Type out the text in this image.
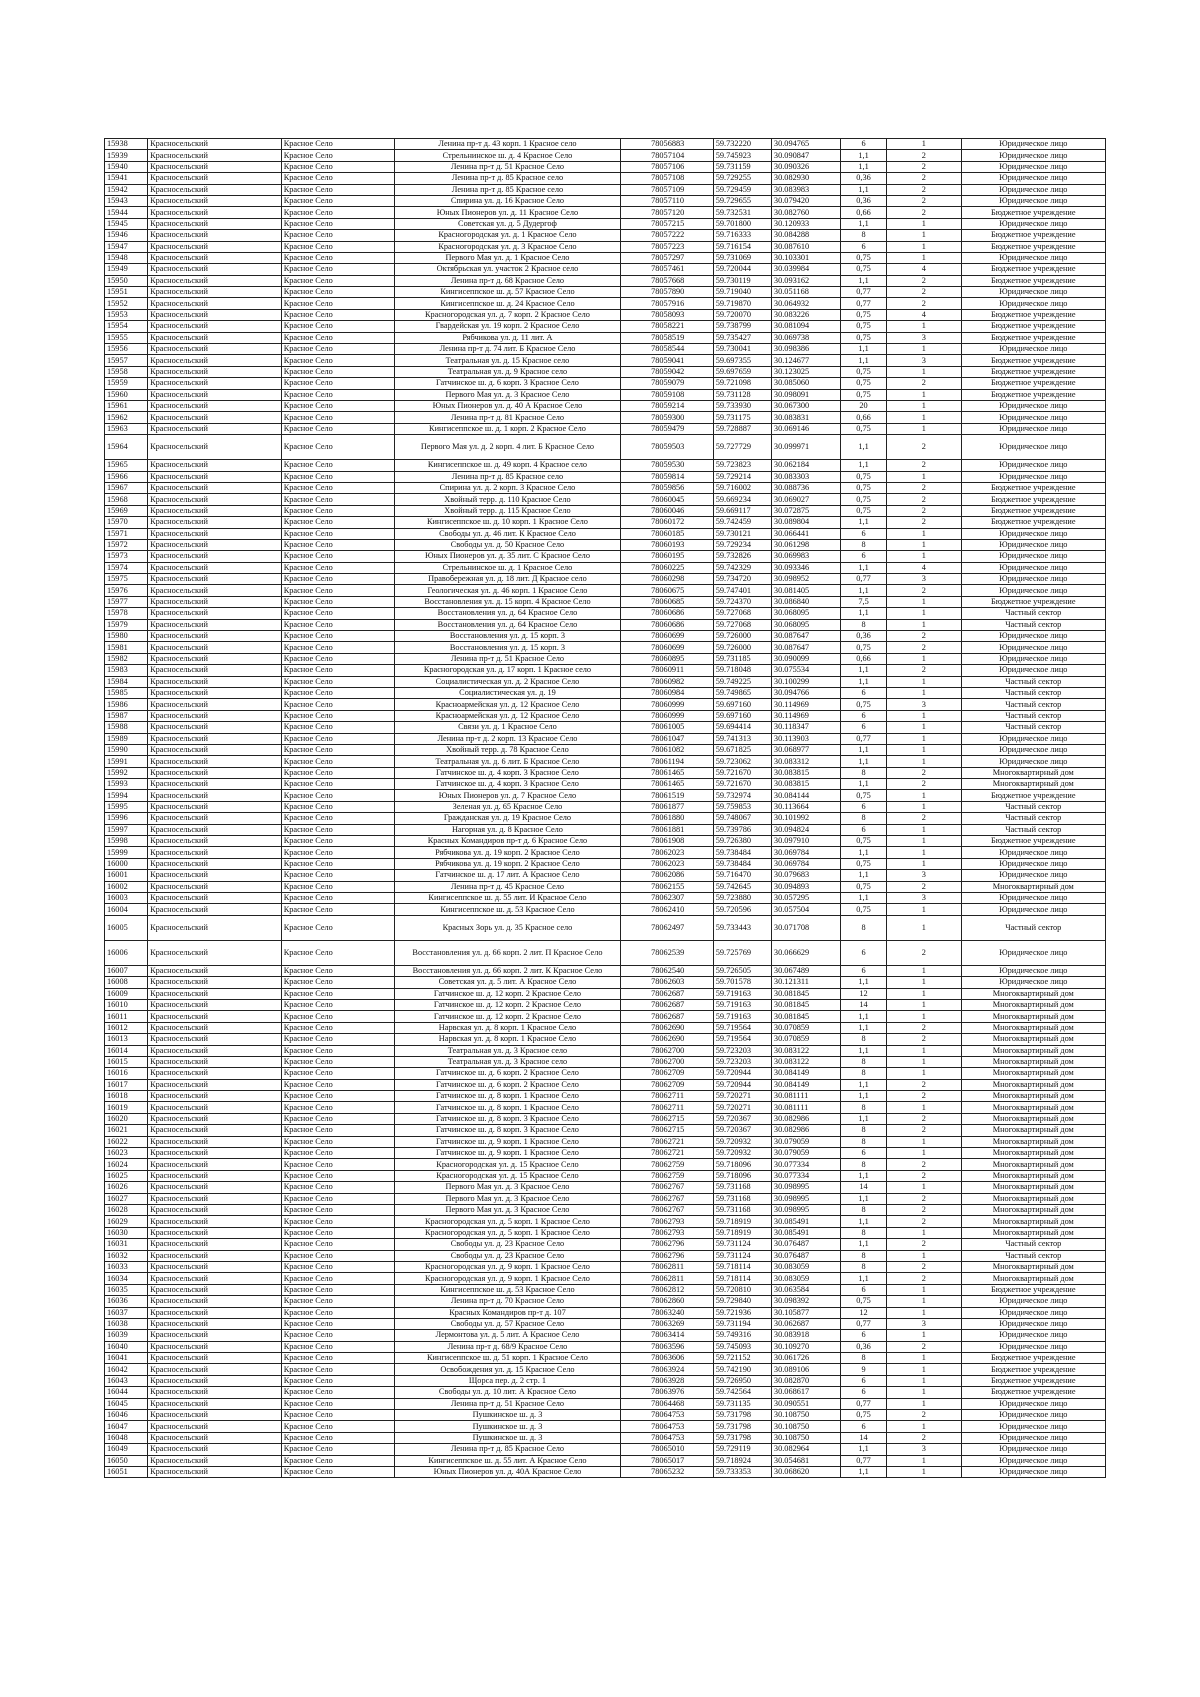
15938	Красносельский	Красное Село	Ленина пр-т д. 43 корп. 1 Красное село	78056883	59.732220	30.094765	6	1	Юридическое лицо
15939	Красносельский	Красное Село	Стрельнинское ш. д. 4 Красное Село	78057104	59.745923	30.090847	1,1	2	Юридическое лицо
15940	Красносельский	Красное Село	Ленина пр-т д. 51 Красное Село	78057106	59.731159	30.090326	1,1	2	Юридическое лицо
15941	Красносельский	Красное Село	Ленина пр-т д. 85 Красное село	78057108	59.729255	30.082930	0,36	2	Юридическое лицо
15942	Красносельский	Красное Село	Ленина пр-т д. 85 Красное село	78057109	59.729459	30.083983	1,1	2	Юридическое лицо
15943	Красносельский	Красное Село	Спирина ул. д. 16 Красное Село	78057110	59.729655	30.079420	0,36	2	Юридическое лицо
15944	Красносельский	Красное Село	Юных Пионеров ул. д. 11 Красное Село	78057120	59.732531	30.082760	0,66	2	Бюджетное учреждение
15945	Красносельский	Красное Село	Советская ул. д. 5 Дудергоф	78057215	59.701800	30.120933	1,1	1	Юридическое лицо
15946	Красносельский	Красное Село	Красногородская ул. д. 1 Красное Село	78057222	59.716333	30.084288	8	1	Бюджетное учреждение
15947	Красносельский	Красное Село	Красногородская ул. д. 3 Красное Село	78057223	59.716154	30.087610	6	1	Бюджетное учреждение
15948	Красносельский	Красное Село	Первого Мая ул. д. 1 Красное Село	78057297	59.731069	30.103301	0,75	1	Юридическое лицо
15949	Красносельский	Красное Село	Октябрьская ул. участок 2 Красное село	78057461	59.720044	30.039984	0,75	4	Бюджетное учреждение
15950	Красносельский	Красное Село	Ленина пр-т д. 68 Красное Село	78057668	59.730119	30.093162	1,1	2	Бюджетное учреждение
15951	Красносельский	Красное Село	Кингисеппское ш. д. 57 Красное Село	78057890	59.719040	30.051168	0,77	2	Юридическое лицо
15952	Красносельский	Красное Село	Кингисеппское ш. д. 24 Красное Село	78057916	59.719870	30.064932	0,77	2	Юридическое лицо
15953	Красносельский	Красное Село	Красногородская ул. д. 7 корп. 2 Красное Село	78058093	59.720070	30.083226	0,75	4	Бюджетное учреждение
15954	Красносельский	Красное Село	Гвардейская ул. 19 корп. 2 Красное Село	78058221	59.738799	30.081094	0,75	1	Бюджетное учреждение
15955	Красносельский	Красное Село	Рябчикова ул. д. 11 лит. А	78058519	59.735427	30.069738	0,75	3	Бюджетное учреждение
15956	Красносельский	Красное Село	Ленина пр-т д. 74 лит. Б Красное Село	78058544	59.730041	30.098386	1,1	1	Юридическое лицо
15957	Красносельский	Красное Село	Театральная ул. д. 15 Красное село	78059041	59.697355	30.124677	1,1	3	Бюджетное учреждение
15958	Красносельский	Красное Село	Театральная ул. д. 9 Красное село	78059042	59.697659	30.123025	0,75	1	Бюджетное учреждение
15959	Красносельский	Красное Село	Гатчинское ш. д. 6 корп. 3 Красное Село	78059079	59.721098	30.085060	0,75	2	Бюджетное учреждение
15960	Красносельский	Красное Село	Первого Мая ул. д. 3 Красное Село	78059108	59.731128	30.098091	0,75	1	Бюджетное учреждение
15961	Красносельский	Красное Село	Юных Пионеров ул. д. 40 А Красное Село	78059214	59.733930	30.067300	20	1	Юридическое лицо
15962	Красносельский	Красное Село	Ленина пр-т д. 81 Красное Село	78059300	59.731175	30.083831	0,66	1	Юридическое лицо
15963	Красносельский	Красное Село	Кингисеппское ш. д. 1 корп. 2 Красное Село	78059479	59.728887	30.069146	0,75	1	Юридическое лицо
15964	Красносельский	Красное Село	Первого Мая ул. д. 2 корп. 4 лит. Б Красное Село	78059503	59.727729	30.099971	1,1	2	Юридическое лицо
15965	Красносельский	Красное Село	Кингисеппское ш. д. 49 корп. 4 Красное село	78059530	59.723823	30.062184	1,1	2	Юридическое лицо
15966	Красносельский	Красное Село	Ленина пр-т д. 85 Красное село	78059814	59.729214	30.083303	0,75	1	Юридическое лицо
15967	Красносельский	Красное Село	Спирина ул. д. 2 корп. 3 Красное Село	78059856	59.716002	30.088736	0,75	2	Бюджетное учреждение
15968	Красносельский	Красное Село	Хвойный терр. д. 110 Красное Село	78060045	59.669234	30.069027	0,75	2	Бюджетное учреждение
15969	Красносельский	Красное Село	Хвойный терр. д. 115 Красное Село	78060046	59.669117	30.072875	0,75	2	Бюджетное учреждение
15970	Красносельский	Красное Село	Кингисеппское ш. д. 10 корп. 1 Красное Село	78060172	59.742459	30.089804	1,1	2	Бюджетное учреждение
15971	Красносельский	Красное Село	Свободы ул. д. 46 лит. К Красное Село	78060185	59.730121	30.066441	6	1	Юридическое лицо
15972	Красносельский	Красное Село	Свободы ул. д. 50 Красное Село	78060193	59.729234	30.061298	8	1	Юридическое лицо
15973	Красносельский	Красное Село	Юных Пионеров ул. д. 35 лит. С Красное Село	78060195	59.732826	30.069983	6	1	Юридическое лицо
15974	Красносельский	Красное Село	Стрельнинское ш. д. 1 Красное Село	78060225	59.742329	30.093346	1,1	4	Юридическое лицо
15975	Красносельский	Красное Село	Правобережная ул. д. 18 лит. Д Красное село	78060298	59.734720	30.098952	0,77	3	Юридическое лицо
15976	Красносельский	Красное Село	Геологическая ул. д. 46 корп. 1 Красное Село	78060675	59.747401	30.081405	1,1	2	Юридическое лицо
15977	Красносельский	Красное Село	Восстановления ул. д. 15 корп. 4 Красное Село	78060685	59.724370	30.086840	7,5	1	Бюджетное учреждение
15978	Красносельский	Красное Село	Восстановления ул. д. 64 Красное Село	78060686	59.727068	30.068095	1,1	1	Частный сектор
15979	Красносельский	Красное Село	Восстановления ул. д. 64 Красное Село	78060686	59.727068	30.068095	8	1	Частный сектор
15980	Красносельский	Красное Село	Восстановления ул. д. 15 корп. 3	78060699	59.726000	30.087647	0,36	2	Юридическое лицо
15981	Красносельский	Красное Село	Восстановления ул. д. 15 корп. 3	78060699	59.726000	30.087647	0,75	2	Юридическое лицо
15982	Красносельский	Красное Село	Ленина пр-т д. 51 Красное Село	78060895	59.731185	30.090099	0,66	1	Юридическое лицо
15983	Красносельский	Красное Село	Красногородская ул. д. 17 корп. 1 Красное село	78060911	59.718048	30.075534	1,1	2	Юридическое лицо
15984	Красносельский	Красное Село	Социалистическая ул. д. 2 Красное Село	78060982	59.749225	30.100299	1,1	1	Частный сектор
15985	Красносельский	Красное Село	Социалистическая ул. д. 19	78060984	59.749865	30.094766	6	1	Частный сектор
15986	Красносельский	Красное Село	Красноармейская ул. д. 12 Красное Село	78060999	59.697160	30.114969	0,75	3	Частный сектор
15987	Красносельский	Красное Село	Красноармейская ул. д. 12 Красное Село	78060999	59.697160	30.114969	6	1	Частный сектор
15988	Красносельский	Красное Село	Связи ул. д. 1 Красное Село	78061005	59.694414	30.118347	6	1	Частный сектор
15989	Красносельский	Красное Село	Ленина пр-т д. 2 корп. 13 Красное Село	78061047	59.741313	30.113903	0,77	1	Юридическое лицо
15990	Красносельский	Красное Село	Хвойный терр. д. 78 Красное Село	78061082	59.671825	30.068977	1,1	1	Юридическое лицо
15991	Красносельский	Красное Село	Театральная ул. д. 6 лит. Б Красное Село	78061194	59.723062	30.083312	1,1	1	Юридическое лицо
15992	Красносельский	Красное Село	Гатчинское ш. д. 4 корп. 3 Красное Село	78061465	59.721670	30.083815	8	2	Многоквартирный дом
15993	Красносельский	Красное Село	Гатчинское ш. д. 4 корп. 3 Красное Село	78061465	59.721670	30.083815	1,1	2	Многоквартирный дом
15994	Красносельский	Красное Село	Юных Пионеров ул. д. 7 Красное Село	78061519	59.732974	30.084144	0,75	1	Бюджетное учреждение
15995	Красносельский	Красное Село	Зеленая ул. д. 65 Красное Село	78061877	59.759853	30.113664	6	1	Частный сектор
15996	Красносельский	Красное Село	Гражданская ул. д. 19 Красное Село	78061880	59.748067	30.101992	8	2	Частный сектор
15997	Красносельский	Красное Село	Нагорная ул. д. 8 Красное Село	78061881	59.739786	30.094824	6	1	Частный сектор
15998	Красносельский	Красное Село	Красных Командиров пр-т д. 6 Красное Село	78061908	59.726380	30.097910	0,75	1	Бюджетное учреждение
15999	Красносельский	Красное Село	Рябчикова ул. д. 19 корп. 2 Красное Село	78062023	59.738484	30.069784	1,1	1	Юридическое лицо
16000	Красносельский	Красное Село	Рябчикова ул. д. 19 корп. 2 Красное Село	78062023	59.738484	30.069784	0,75	1	Юридическое лицо
16001	Красносельский	Красное Село	Гатчинское ш. д. 17 лит. А Красное Село	78062086	59.716470	30.079683	1,1	3	Юридическое лицо
16002	Красносельский	Красное Село	Ленина пр-т д. 45 Красное Село	78062155	59.742645	30.094893	0,75	2	Многоквартирный дом
16003	Красносельский	Красное Село	Кингисеппское ш. д. 55 лит. И Красное Село	78062307	59.723880	30.057295	1,1	3	Юридическое лицо
16004	Красносельский	Красное Село	Кингисеппское ш. д. 53 Красное Село	78062410	59.720596	30.057504	0,75	1	Юридическое лицо
16005	Красносельский	Красное Село	Красных Зорь ул. д. 35 Красное село	78062497	59.733443	30.071708	8	1	Частный сектор
16006	Красносельский	Красное Село	Восстановления ул. д. 66 корп. 2 лит. П Красное Село	78062539	59.725769	30.066629	6	2	Юридическое лицо
16007	Красносельский	Красное Село	Восстановления ул. д. 66 корп. 2 лит. К Красное Село	78062540	59.726505	30.067489	6	1	Юридическое лицо
16008	Красносельский	Красное Село	Советская ул. д. 5 лит. А Красное Село	78062603	59.701578	30.121311	1,1	1	Юридическое лицо
16009	Красносельский	Красное Село	Гатчинское ш. д. 12 корп. 2 Красное Село	78062687	59.719163	30.081845	12	1	Многоквартирный дом
16010	Красносельский	Красное Село	Гатчинское ш. д. 12 корп. 2 Красное Село	78062687	59.719163	30.081845	14	1	Многоквартирный дом
16011	Красносельский	Красное Село	Гатчинское ш. д. 12 корп. 2 Красное Село	78062687	59.719163	30.081845	1,1	1	Многоквартирный дом
16012	Красносельский	Красное Село	Нарвская ул. д. 8 корп. 1 Красное Село	78062690	59.719564	30.070859	1,1	2	Многоквартирный дом
16013	Красносельский	Красное Село	Нарвская ул. д. 8 корп. 1 Красное Село	78062690	59.719564	30.070859	8	2	Многоквартирный дом
16014	Красносельский	Красное Село	Театральная ул. д. 3 Красное село	78062700	59.723203	30.083122	1,1	1	Многоквартирный дом
16015	Красносельский	Красное Село	Театральная ул. д. 3 Красное село	78062700	59.723203	30.083122	8	1	Многоквартирный дом
16016	Красносельский	Красное Село	Гатчинское ш. д. 6 корп. 2 Красное Село	78062709	59.720944	30.084149	8	1	Многоквартирный дом
16017	Красносельский	Красное Село	Гатчинское ш. д. 6 корп. 2 Красное Село	78062709	59.720944	30.084149	1,1	2	Многоквартирный дом
16018	Красносельский	Красное Село	Гатчинское ш. д. 8 корп. 1 Красное Село	78062711	59.720271	30.081111	1,1	2	Многоквартирный дом
16019	Красносельский	Красное Село	Гатчинское ш. д. 8 корп. 1 Красное Село	78062711	59.720271	30.081111	8	1	Многоквартирный дом
16020	Красносельский	Красное Село	Гатчинское ш. д. 8 корп. 3 Красное Село	78062715	59.720367	30.082986	1,1	2	Многоквартирный дом
16021	Красносельский	Красное Село	Гатчинское ш. д. 8 корп. 3 Красное Село	78062715	59.720367	30.082986	8	2	Многоквартирный дом
16022	Красносельский	Красное Село	Гатчинское ш. д. 9 корп. 1 Красное Село	78062721	59.720932	30.079059	8	1	Многоквартирный дом
16023	Красносельский	Красное Село	Гатчинское ш. д. 9 корп. 1 Красное Село	78062721	59.720932	30.079059	6	1	Многоквартирный дом
16024	Красносельский	Красное Село	Красногородская ул. д. 15 Красное Село	78062759	59.718096	30.077334	8	2	Многоквартирный дом
16025	Красносельский	Красное Село	Красногородская ул. д. 15 Красное Село	78062759	59.718096	30.077334	1,1	2	Многоквартирный дом
16026	Красносельский	Красное Село	Первого Мая ул. д. 3 Красное Село	78062767	59.731168	30.098995	14	1	Многоквартирный дом
16027	Красносельский	Красное Село	Первого Мая ул. д. 3 Красное Село	78062767	59.731168	30.098995	1,1	2	Многоквартирный дом
16028	Красносельский	Красное Село	Первого Мая ул. д. 3 Красное Село	78062767	59.731168	30.098995	8	2	Многоквартирный дом
16029	Красносельский	Красное Село	Красногородская ул. д. 5 корп. 1 Красное Село	78062793	59.718919	30.085491	1,1	2	Многоквартирный дом
16030	Красносельский	Красное Село	Красногородская ул. д. 5 корп. 1 Красное Село	78062793	59.718919	30.085491	8	1	Многоквартирный дом
16031	Красносельский	Красное Село	Свободы ул. д. 23 Красное Село	78062796	59.731124	30.076487	1,1	2	Частный сектор
16032	Красносельский	Красное Село	Свободы ул. д. 23 Красное Село	78062796	59.731124	30.076487	8	1	Частный сектор
16033	Красносельский	Красное Село	Красногородская ул. д. 9 корп. 1 Красное Село	78062811	59.718114	30.083059	8	2	Многоквартирный дом
16034	Красносельский	Красное Село	Красногородская ул. д. 9 корп. 1 Красное Село	78062811	59.718114	30.083059	1,1	2	Многоквартирный дом
16035	Красносельский	Красное Село	Кингисеппское ш. д. 53 Красное Село	78062812	59.720810	30.063584	6	1	Бюджетное учреждение
16036	Красносельский	Красное Село	Ленина пр-т д. 70 Красное Село	78062860	59.729840	30.098392	0,75	1	Юридическое лицо
16037	Красносельский	Красное Село	Красных Командиров пр-т д. 107	78063240	59.721936	30.105877	12	1	Юридическое лицо
16038	Красносельский	Красное Село	Свободы ул. д. 57 Красное Село	78063269	59.731194	30.062687	0,77	3	Юридическое лицо
16039	Красносельский	Красное Село	Лермонтова ул. д. 5 лит. А Красное Село	78063414	59.749316	30.083918	6	1	Юридическое лицо
16040	Красносельский	Красное Село	Ленина пр-т д. 68/9 Красное Село	78063596	59.745093	30.109270	0,36	2	Юридическое лицо
16041	Красносельский	Красное Село	Кингисеппское ш. д. 51 корп. 1 Красное Село	78063606	59.721152	30.061726	8	1	Бюджетное учреждение
16042	Красносельский	Красное Село	Освобождения ул. д. 15 Красное Село	78063924	59.742190	30.089106	9	1	Бюджетное учреждение
16043	Красносельский	Красное Село	Щорса пер. д. 2 стр. 1	78063928	59.726950	30.082870	6	1	Бюджетное учреждение
16044	Красносельский	Красное Село	Свободы ул. д. 10 лит. А Красное Село	78063976	59.742564	30.068617	6	1	Бюджетное учреждение
16045	Красносельский	Красное Село	Ленина пр-т д. 51 Красное Село	78064468	59.731135	30.090551	0,77	1	Юридическое лицо
16046	Красносельский	Красное Село	Пушкинское ш. д. 3	78064753	59.731798	30.108750	0,75	2	Юридическое лицо
16047	Красносельский	Красное Село	Пушкинское ш. д. 3	78064753	59.731798	30.108750	6	1	Юридическое лицо
16048	Красносельский	Красное Село	Пушкинское ш. д. 3	78064753	59.731798	30.108750	14	2	Юридическое лицо
16049	Красносельский	Красное Село	Ленина пр-т д. 85 Красное Село	78065010	59.729119	30.082964	1,1	3	Юридическое лицо
16050	Красносельский	Красное Село	Кингисеппское ш. д. 55 лит. А Красное Село	78065017	59.718924	30.054681	0,77	1	Юридическое лицо
16051	Красносельский	Красное Село	Юных Пионеров ул. д. 40А Красное Село	78065232	59.733353	30.068620	1,1	1	Юридическое лицо
